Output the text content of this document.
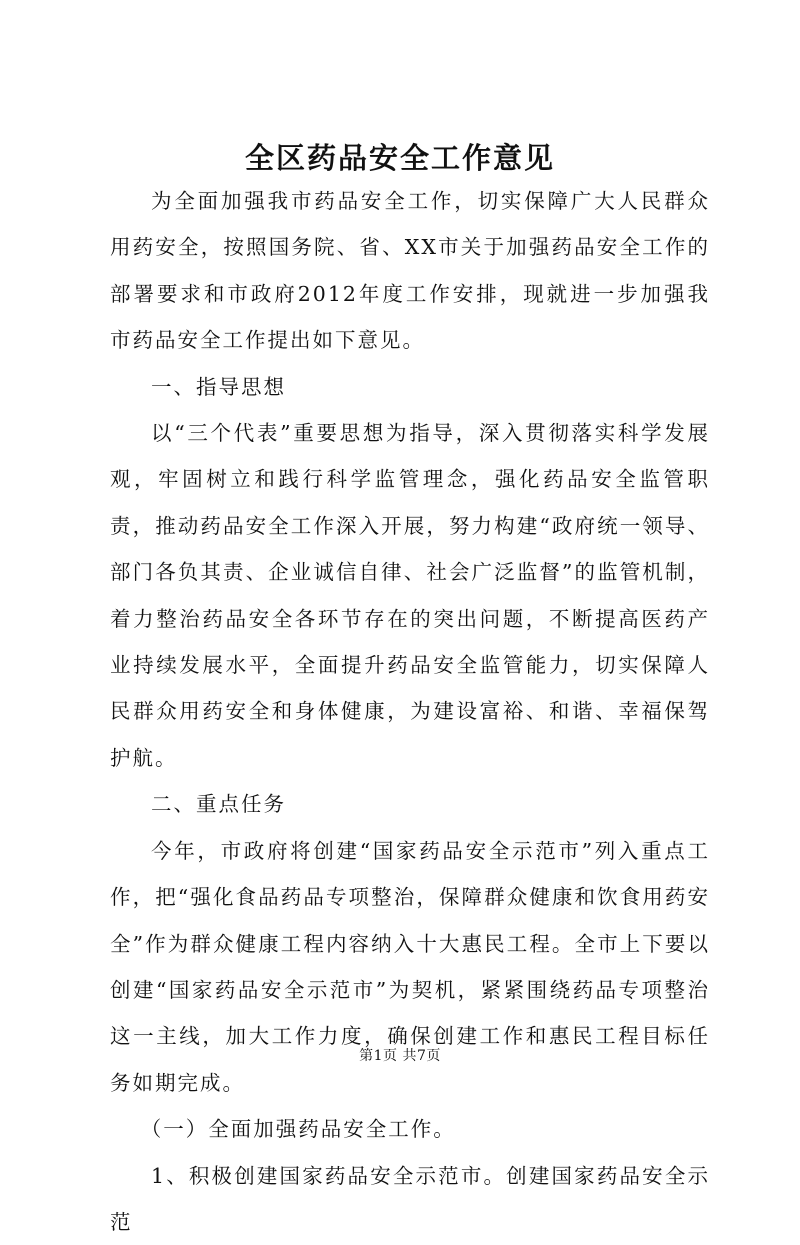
全区药品安全工作意见

为全面加强我市药品安全工作，切实保障广大人民群众用药安全，按照国务院、省、XX市关于加强药品安全工作的部署要求和市政府2012年度工作安排，现就进一步加强我市药品安全工作提出如下意见。

一、指导思想

以“三个代表”重要思想为指导，深入贯彻落实科学发展观，牢固树立和践行科学监管理念，强化药品安全监管职责，推动药品安全工作深入开展，努力构建“政府统一领导、部门各负其责、企业诚信自律、社会广泛监督”的监管机制，着力整治药品安全各环节存在的突出问题，不断提高医药产业持续发展水平，全面提升药品安全监管能力，切实保障人民群众用药安全和身体健康，为建设富裕、和谐、幸福保驾护航。

二、重点任务

今年，市政府将创建“国家药品安全示范市”列入重点工作，把“强化食品药品专项整治，保障群众健康和饮食用药安全”作为群众健康工程内容纳入十大惠民工程。全市上下要以创建“国家药品安全示范市”为契机，紧紧围绕药品专项整治这一主线，加大工作力度，确保创建工作和惠民工程目标任务如期完成。

（一）全面加强药品安全工作。

1、积极创建国家药品安全示范市。创建国家药品安全示范

第1页 共7页
